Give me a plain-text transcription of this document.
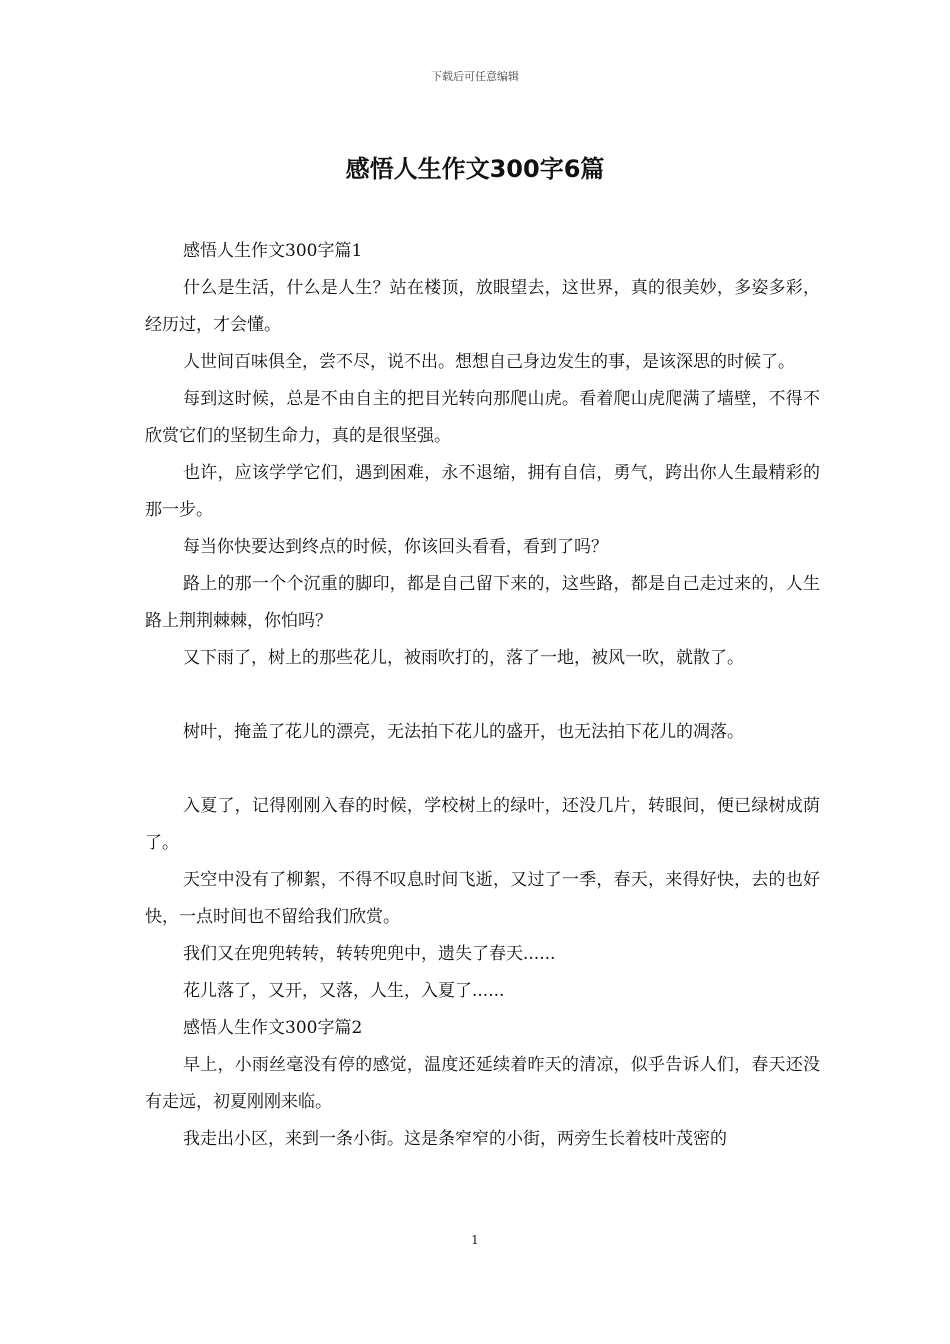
下载后可任意编辑
感悟人生作文300字6篇

感悟人生作文300字篇1

什么是生活，什么是人生？站在楼顶，放眼望去，这世界，真的很美妙，多姿多彩，经历过，才会懂。

人世间百味俱全，尝不尽，说不出。想想自己身边发生的事，是该深思的时候了。

每到这时候，总是不由自主的把目光转向那爬山虎。看着爬山虎爬满了墙壁，不得不欣赏它们的坚韧生命力，真的是很坚强。

也许，应该学学它们，遇到困难，永不退缩，拥有自信，勇气，跨出你人生最精彩的那一步。

每当你快要达到终点的时候，你该回头看看，看到了吗？

路上的那一个个沉重的脚印，都是自己留下来的，这些路，都是自己走过来的，人生路上荆荆棘棘，你怕吗？

又下雨了，树上的那些花儿，被雨吹打的，落了一地，被风一吹，就散了。

树叶，掩盖了花儿的漂亮，无法拍下花儿的盛开，也无法拍下花儿的凋落。

入夏了，记得刚刚入春的时候，学校树上的绿叶，还没几片，转眼间，便已绿树成荫了。

天空中没有了柳絮，不得不叹息时间飞逝，又过了一季，春天，来得好快，去的也好快，一点时间也不留给我们欣赏。

我们又在兜兜转转，转转兜兜中，遗失了春天......

花儿落了，又开，又落，人生，入夏了......

感悟人生作文300字篇2

早上，小雨丝毫没有停的感觉，温度还延续着昨天的清凉，似乎告诉人们，春天还没有走远，初夏刚刚来临。

我走出小区，来到一条小街。这是条窄窄的小街，两旁生长着枝叶茂密的

1
